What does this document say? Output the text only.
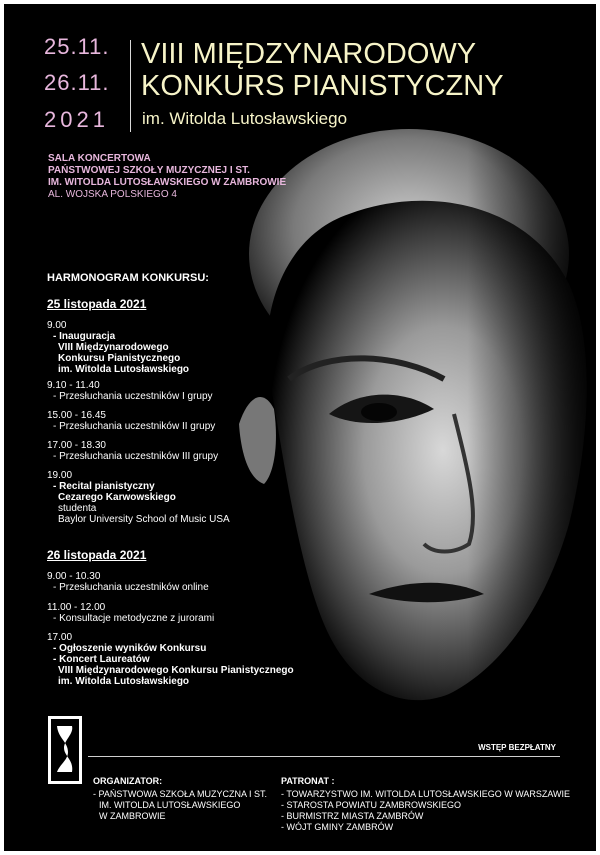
25.11.
26.11.
2021
VIII MIĘDZYNARODOWY
KONKURS PIANISTYCZNY
im. Witolda Lutosławskiego
SALA KONCERTOWA
PAŃSTWOWEJ SZKOŁY MUZYCZNEJ I ST.
IM. WITOLDA LUTOSŁAWSKIEGO W ZAMBROWIE
AL. WOJSKA POLSKIEGO 4
HARMONOGRAM KONKURSU:
25 listopada 2021
9.00
- Inauguracja
VIII Międzynarodowego
Konkursu Pianistycznego
im. Witolda Lutosławskiego
9.10 - 11.40
- Przesłuchania uczestników I grupy
15.00 - 16.45
- Przesłuchania uczestników II grupy
17.00 - 18.30
- Przesłuchania uczestników III grupy
19.00
- Recital pianistyczny
Cezarego Karwowskiego
studenta
Baylor University School of Music USA
26 listopada 2021
9.00 - 10.30
- Przesłuchania uczestników online
11.00 - 12.00
- Konsultacje metodyczne z jurorami
17.00
- Ogłoszenie wyników Konkursu
- Koncert Laureatów
VIII Międzynarodowego Konkursu Pianistycznego
im. Witolda Lutosławskiego
WSTĘP BEZPŁATNY
ORGANIZATOR:
- PAŃSTWOWA SZKOŁA MUZYCZNA I ST.
IM. WITOLDA LUTOSŁAWSKIEGO
W ZAMBROWIE
PATRONAT :
- TOWARZYSTWO IM. WITOLDA LUTOSŁAWSKIEGO W WARSZAWIE
- STAROSTA POWIATU ZAMBROWSKIEGO
- BURMISTRZ MIASTA ZAMBRÓW
- WÓJT GMINY ZAMBRÓW
